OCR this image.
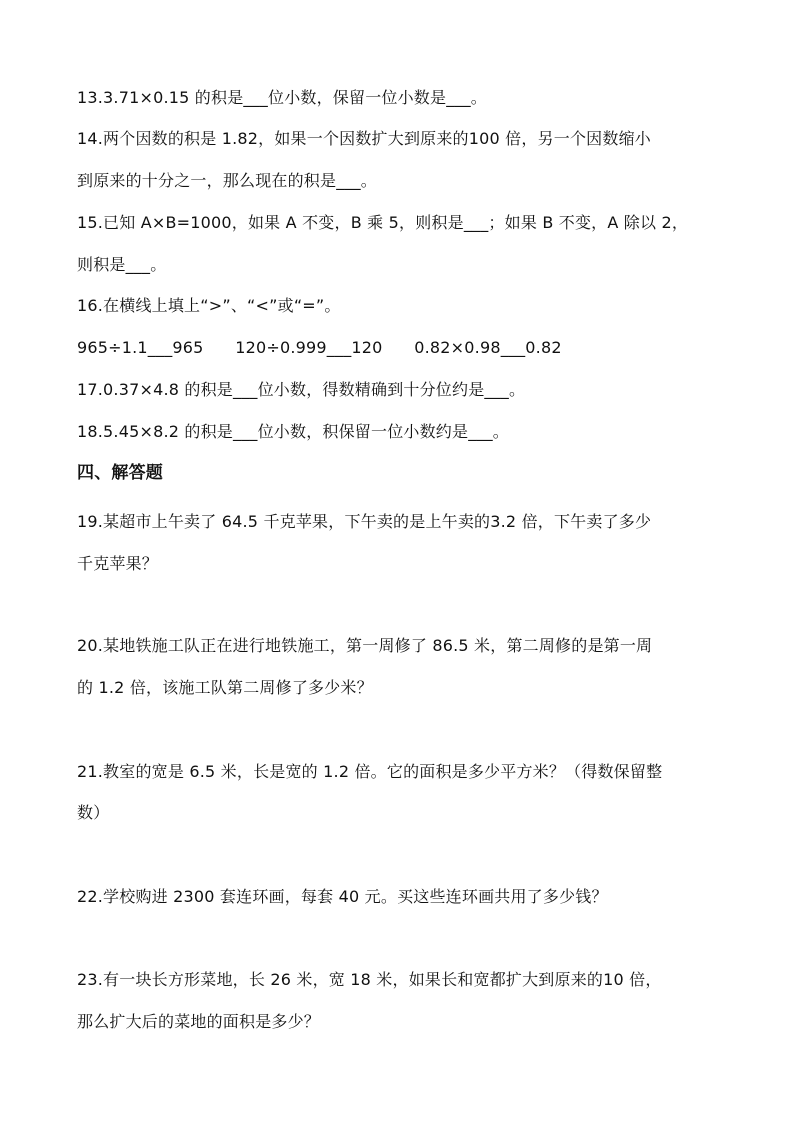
13.3.71×0.15 的积是___位小数，保留一位小数是___。
14.两个因数的积是 1.82，如果一个因数扩大到原来的100 倍，另一个因数缩小
到原来的十分之一，那么现在的积是___。
15.已知 A×B=1000，如果 A 不变，B 乘 5，则积是___；如果 B 不变，A 除以 2，
则积是___。
16.在横线上填上“>”、“<”或“=”。
965÷1.1___965      120÷0.999___120      0.82×0.98___0.82
17.0.37×4.8 的积是___位小数，得数精确到十分位约是___。
18.5.45×8.2 的积是___位小数，积保留一位小数约是___。
四、解答题
19.某超市上午卖了 64.5 千克苹果，下午卖的是上午卖的3.2 倍，下午卖了多少
千克苹果？
20.某地铁施工队正在进行地铁施工，第一周修了 86.5 米，第二周修的是第一周
的 1.2 倍，该施工队第二周修了多少米？
21.教室的宽是 6.5 米，长是宽的 1.2 倍。它的面积是多少平方米？（得数保留整
数）
22.学校购进 2300 套连环画，每套 40 元。买这些连环画共用了多少钱？
23.有一块长方形菜地，长 26 米，宽 18 米，如果长和宽都扩大到原来的10 倍，
那么扩大后的菜地的面积是多少？
